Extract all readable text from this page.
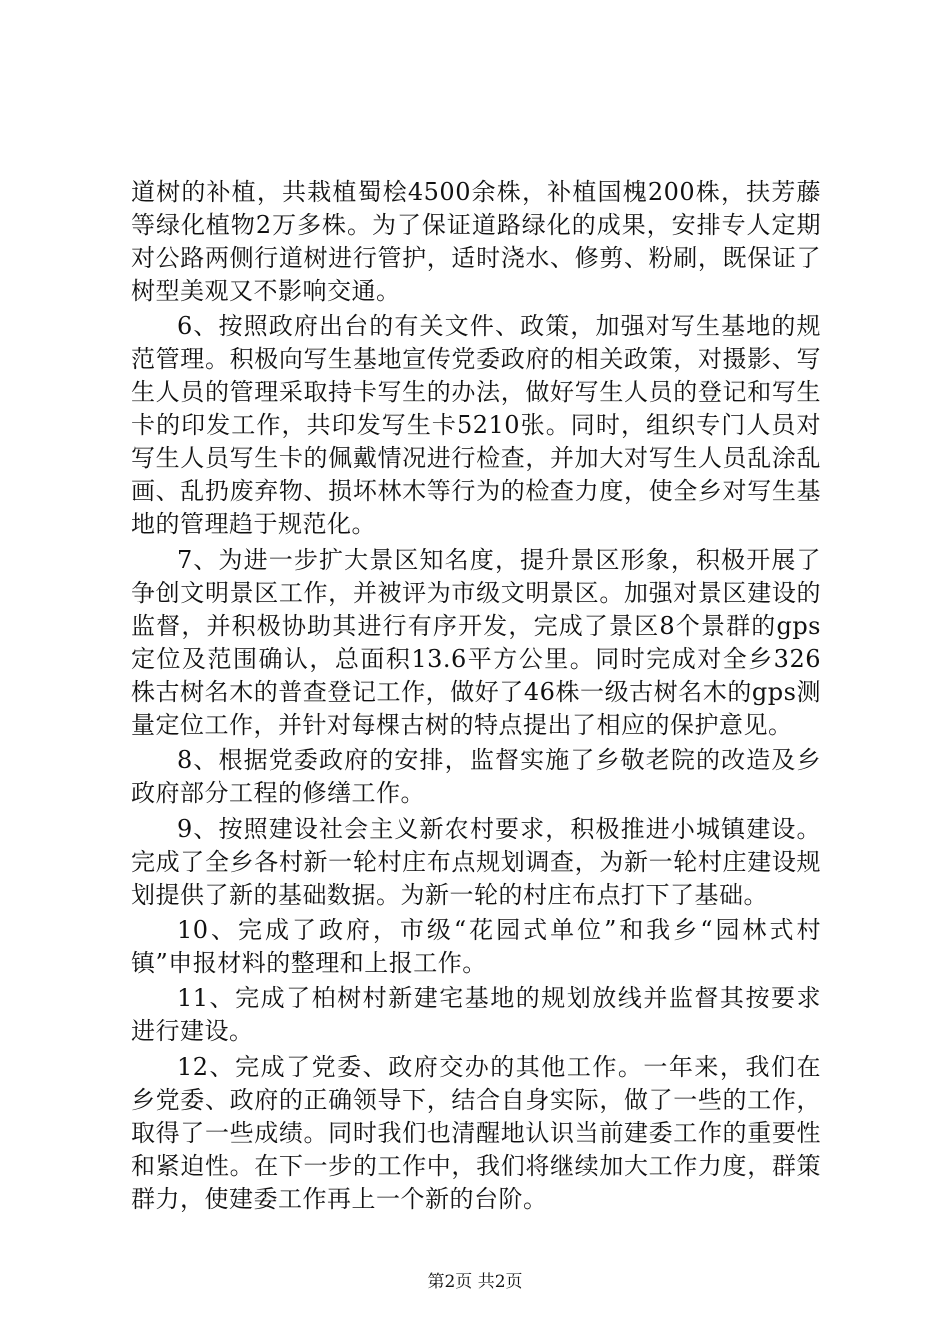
道树的补植，共栽植蜀桧4500余株，补植国槐200株，扶芳藤等绿化植物2万多株。为了保证道路绿化的成果，安排专人定期对公路两侧行道树进行管护，适时浇水、修剪、粉刷，既保证了树型美观又不影响交通。

6、按照政府出台的有关文件、政策，加强对写生基地的规范管理。积极向写生基地宣传党委政府的相关政策，对摄影、写生人员的管理采取持卡写生的办法，做好写生人员的登记和写生卡的印发工作，共印发写生卡5210张。同时，组织专门人员对写生人员写生卡的佩戴情况进行检查，并加大对写生人员乱涂乱画、乱扔废弃物、损坏林木等行为的检查力度，使全乡对写生基地的管理趋于规范化。

7、为进一步扩大景区知名度，提升景区形象，积极开展了争创文明景区工作，并被评为市级文明景区。加强对景区建设的监督，并积极协助其进行有序开发，完成了景区8个景群的gps定位及范围确认，总面积13.6平方公里。同时完成对全乡326株古树名木的普查登记工作，做好了46株一级古树名木的gps测量定位工作，并针对每棵古树的特点提出了相应的保护意见。

8、根据党委政府的安排，监督实施了乡敬老院的改造及乡政府部分工程的修缮工作。

9、按照建设社会主义新农村要求，积极推进小城镇建设。完成了全乡各村新一轮村庄布点规划调查，为新一轮村庄建设规划提供了新的基础数据。为新一轮的村庄布点打下了基础。

10、完成了政府，市级“花园式单位”和我乡“园林式村镇”申报材料的整理和上报工作。

11、完成了柏树村新建宅基地的规划放线并监督其按要求进行建设。

12、完成了党委、政府交办的其他工作。一年来，我们在乡党委、政府的正确领导下，结合自身实际，做了一些的工作，取得了一些成绩。同时我们也清醒地认识当前建委工作的重要性和紧迫性。在下一步的工作中，我们将继续加大工作力度，群策群力，使建委工作再上一个新的台阶。

第2页 共2页
